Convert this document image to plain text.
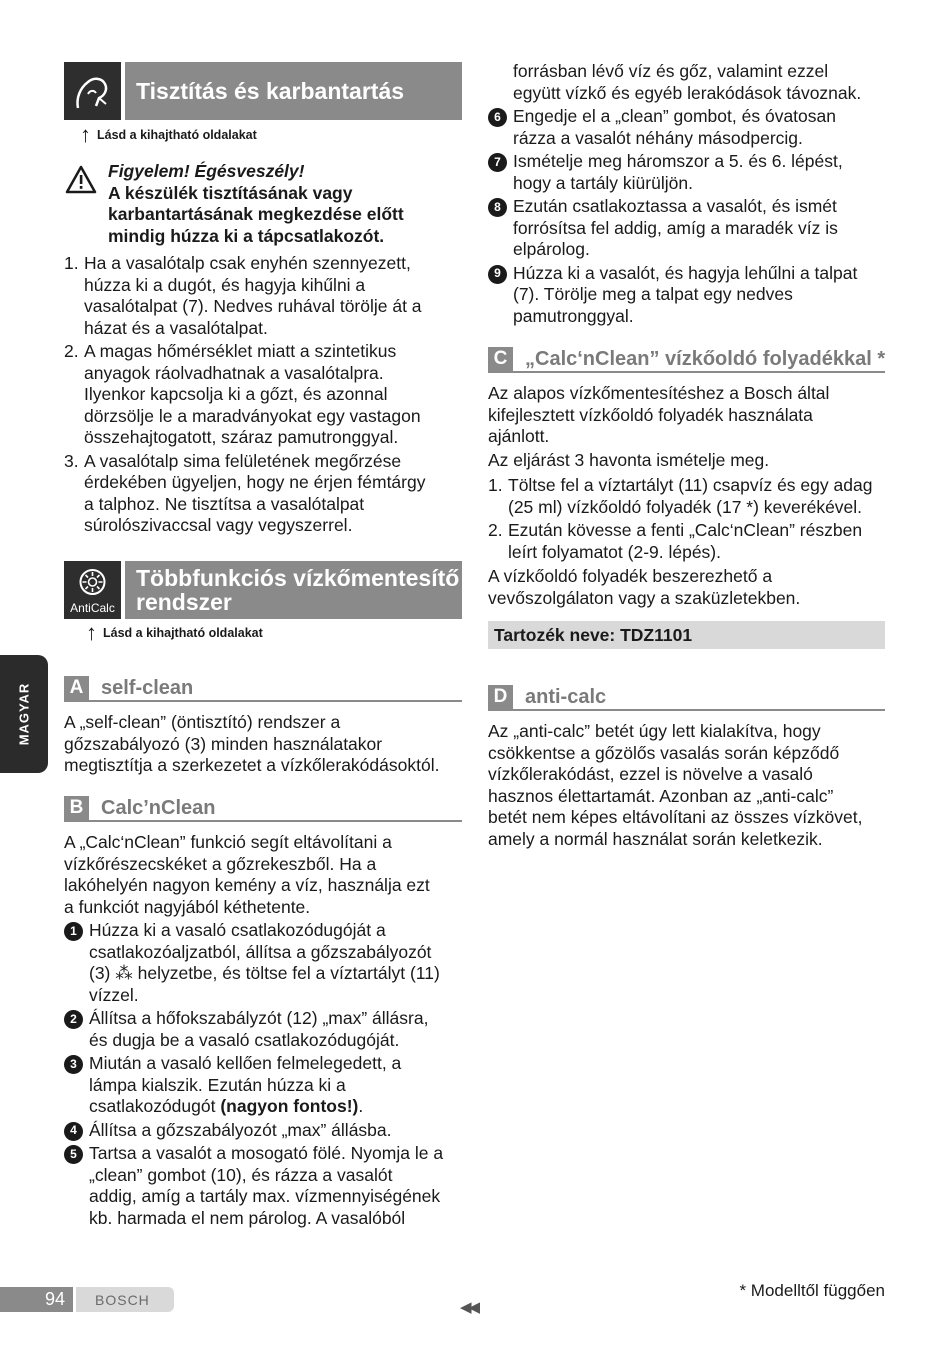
MAGYAR
Tisztítás és karbantartás
↑ Lásd a kihajtható oldalakat
Figyelem! Égésveszély!
A készülék tisztításának vagy
karbantartásának megkezdése előtt
mindig húzza ki a tápcsatlakozót.
1. Ha a vasalótalp csak enyhén szennyezett,
húzza ki a dugót, és hagyja kihűlni a
vasalótalpat (7). Nedves ruhával törölje át a
házat és a vasalótalpat.
2. A magas hőmérséklet miatt a szintetikus
anyagok ráolvadhatnak a vasalótalpra.
Ilyenkor kapcsolja ki a gőzt, és azonnal
dörzsölje le a maradványokat egy vastagon
összehajtogatott, száraz pamutronggyal.
3. A vasalótalp sima felületének megőrzése
érdekében ügyeljen, hogy ne érjen fémtárgy
a talphoz. Ne tisztítsa a vasalótalpat
súrolószivaccsal vagy vegyszerrel.
AntiCalc
Többfunkciós vízkőmentesítő
rendszer
↑ Lásd a kihajtható oldalakat
A self-clean
A „self-clean” (öntisztító) rendszer a
gőzszabályozó (3) minden használatakor
megtisztítja a szerkezetet a vízkőlerakódásoktól.
B Calc’nClean
A „Calc‘nClean” funkció segít eltávolítani a
vízkőrészecskéket a gőzrekeszből. Ha a
lakóhelyén nagyon kemény a víz, használja ezt
a funkciót nagyjából kéthetente.
1 Húzza ki a vasaló csatlakozódugóját a
csatlakozóaljzatból, állítsa a gőzszabályozót
(3) ⁂ helyzetbe, és töltse fel a víztartályt (11)
vízzel.
2 Állítsa a hőfokszabályzót (12) „max” állásra,
és dugja be a vasaló csatlakozódugóját.
3 Miután a vasaló kellően felmelegedett, a
lámpa kialszik. Ezután húzza ki a
csatlakozódugót (nagyon fontos!).
4 Állítsa a gőzszabályozót „max” állásba.
5 Tartsa a vasalót a mosogató fölé. Nyomja le a
„clean” gombot (10), és rázza a vasalót
addig, amíg a tartály max. vízmennyiségének
kb. harmada el nem párolog. A vasalóból
forrásban lévő víz és gőz, valamint ezzel
együtt vízkő és egyéb lerakódások távoznak.
6 Engedje el a „clean” gombot, és óvatosan
rázza a vasalót néhány másodpercig.
7 Ismételje meg háromszor a 5. és 6. lépést,
hogy a tartály kiürüljön.
8 Ezután csatlakoztassa a vasalót, és ismét
forrósítsa fel addig, amíg a maradék víz is
elpárolog.
9 Húzza ki a vasalót, és hagyja lehűlni a talpat
(7). Törölje meg a talpat egy nedves
pamutronggyal.
C „Calc‘nClean” vízkőoldó folyadékkal *
Az alapos vízkőmentesítéshez a Bosch által
kifejlesztett vízkőoldó folyadék használata
ajánlott.
Az eljárást 3 havonta ismételje meg.
1. Töltse fel a víztartályt (11) csapvíz és egy adag
(25 ml) vízkőoldó folyadék (17 *) keverékével.
2. Ezután kövesse a fenti „Calc‘nClean” részben
leírt folyamatot (2-9. lépés).
A vízkőoldó folyadék beszerezhető a
vevőszolgálaton vagy a szaküzletekben.
Tartozék neve: TDZ1101
D anti-calc
Az „anti-calc” betét úgy lett kialakítva, hogy
csökkentse a gőzölős vasalás során képződő
vízkőlerakódást, ezzel is növelve a vasaló
hasznos élettartamát. Azonban az „anti-calc”
betét nem képes eltávolítani az összes vízkövet,
amely a normál használat során keletkezik.
94 BOSCH	◀◀
* Modelltől függően
